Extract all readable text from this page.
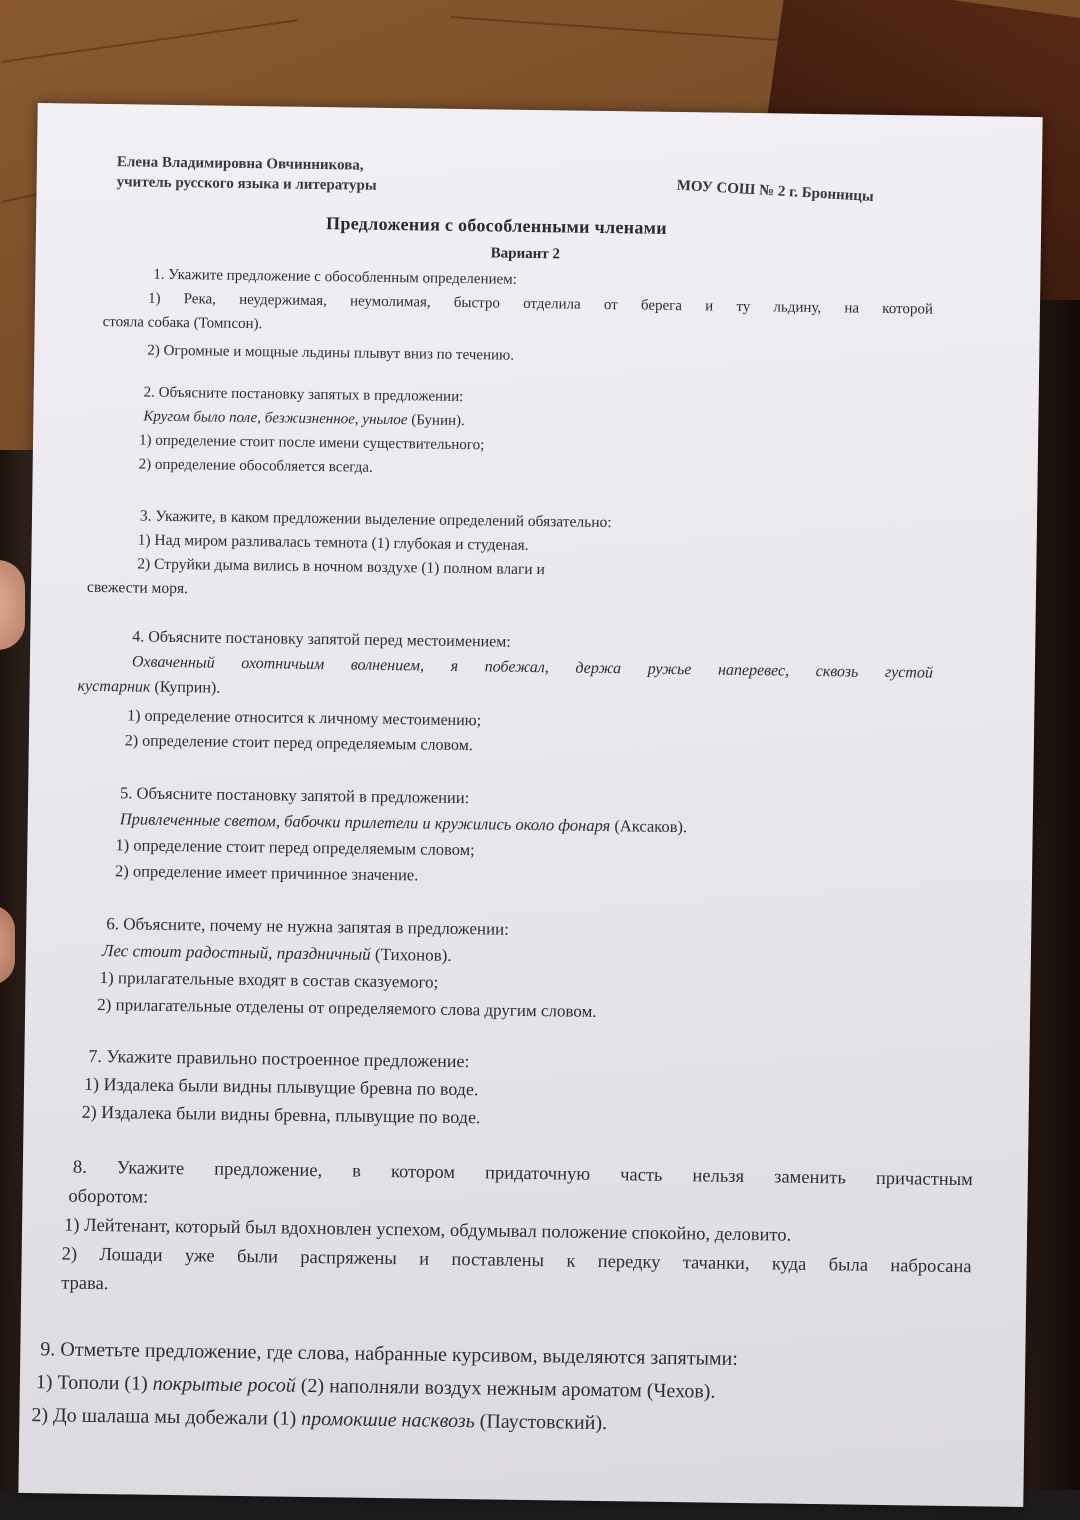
Елена Владимировна Овчинникова,
учитель русского языка и литературы	МОУ СОШ № 2 г. Бронницы
Предложения с обособленными членами
Вариант 2
1. Укажите предложение с обособленным определением:
1) Река, неудержимая, неумолимая, быстро отделила от берега и ту льдину, на которой
стояла собака (Томпсон).
2) Огромные и мощные льдины плывут вниз по течению.
2. Объясните постановку запятых в предложении:
Кругом было поле, безжизненное, унылое (Бунин).
1) определение стоит после имени существительного;
2) определение обособляется всегда.
3. Укажите, в каком предложении выделение определений обязательно:
1) Над миром разливалась темнота (1) глубокая и студеная.
2) Струйки дыма вились в ночном воздухе (1) полном влаги и
свежести моря.
4. Объясните постановку запятой перед местоимением:
Охваченный охотничьим волнением, я побежал, держа ружье наперевес, сквозь густой
кустарник (Куприн).
1) определение относится к личному местоимению;
2) определение стоит перед определяемым словом.
5. Объясните постановку запятой в предложении:
Привлеченные светом, бабочки прилетели и кружились около фонаря (Аксаков).
1) определение стоит перед определяемым словом;
2) определение имеет причинное значение.
6. Объясните, почему не нужна запятая в предложении:
Лес стоит радостный, праздничный (Тихонов).
1) прилагательные входят в состав сказуемого;
2) прилагательные отделены от определяемого слова другим словом.
7. Укажите правильно построенное предложение:
1) Издалека были видны плывущие бревна по воде.
2) Издалека были видны бревна, плывущие по воде.
8. Укажите предложение, в котором придаточную часть нельзя заменить причастным
оборотом:
1) Лейтенант, который был вдохновлен успехом, обдумывал положение спокойно, деловито.
2) Лошади уже были распряжены и поставлены к передку тачанки, куда была набросана
трава.
9. Отметьте предложение, где слова, набранные курсивом, выделяются запятыми:
1) Тополи (1) покрытые росой (2) наполняли воздух нежным ароматом (Чехов).
2) До шалаша мы добежали (1) промокшие насквозь (Паустовский).
